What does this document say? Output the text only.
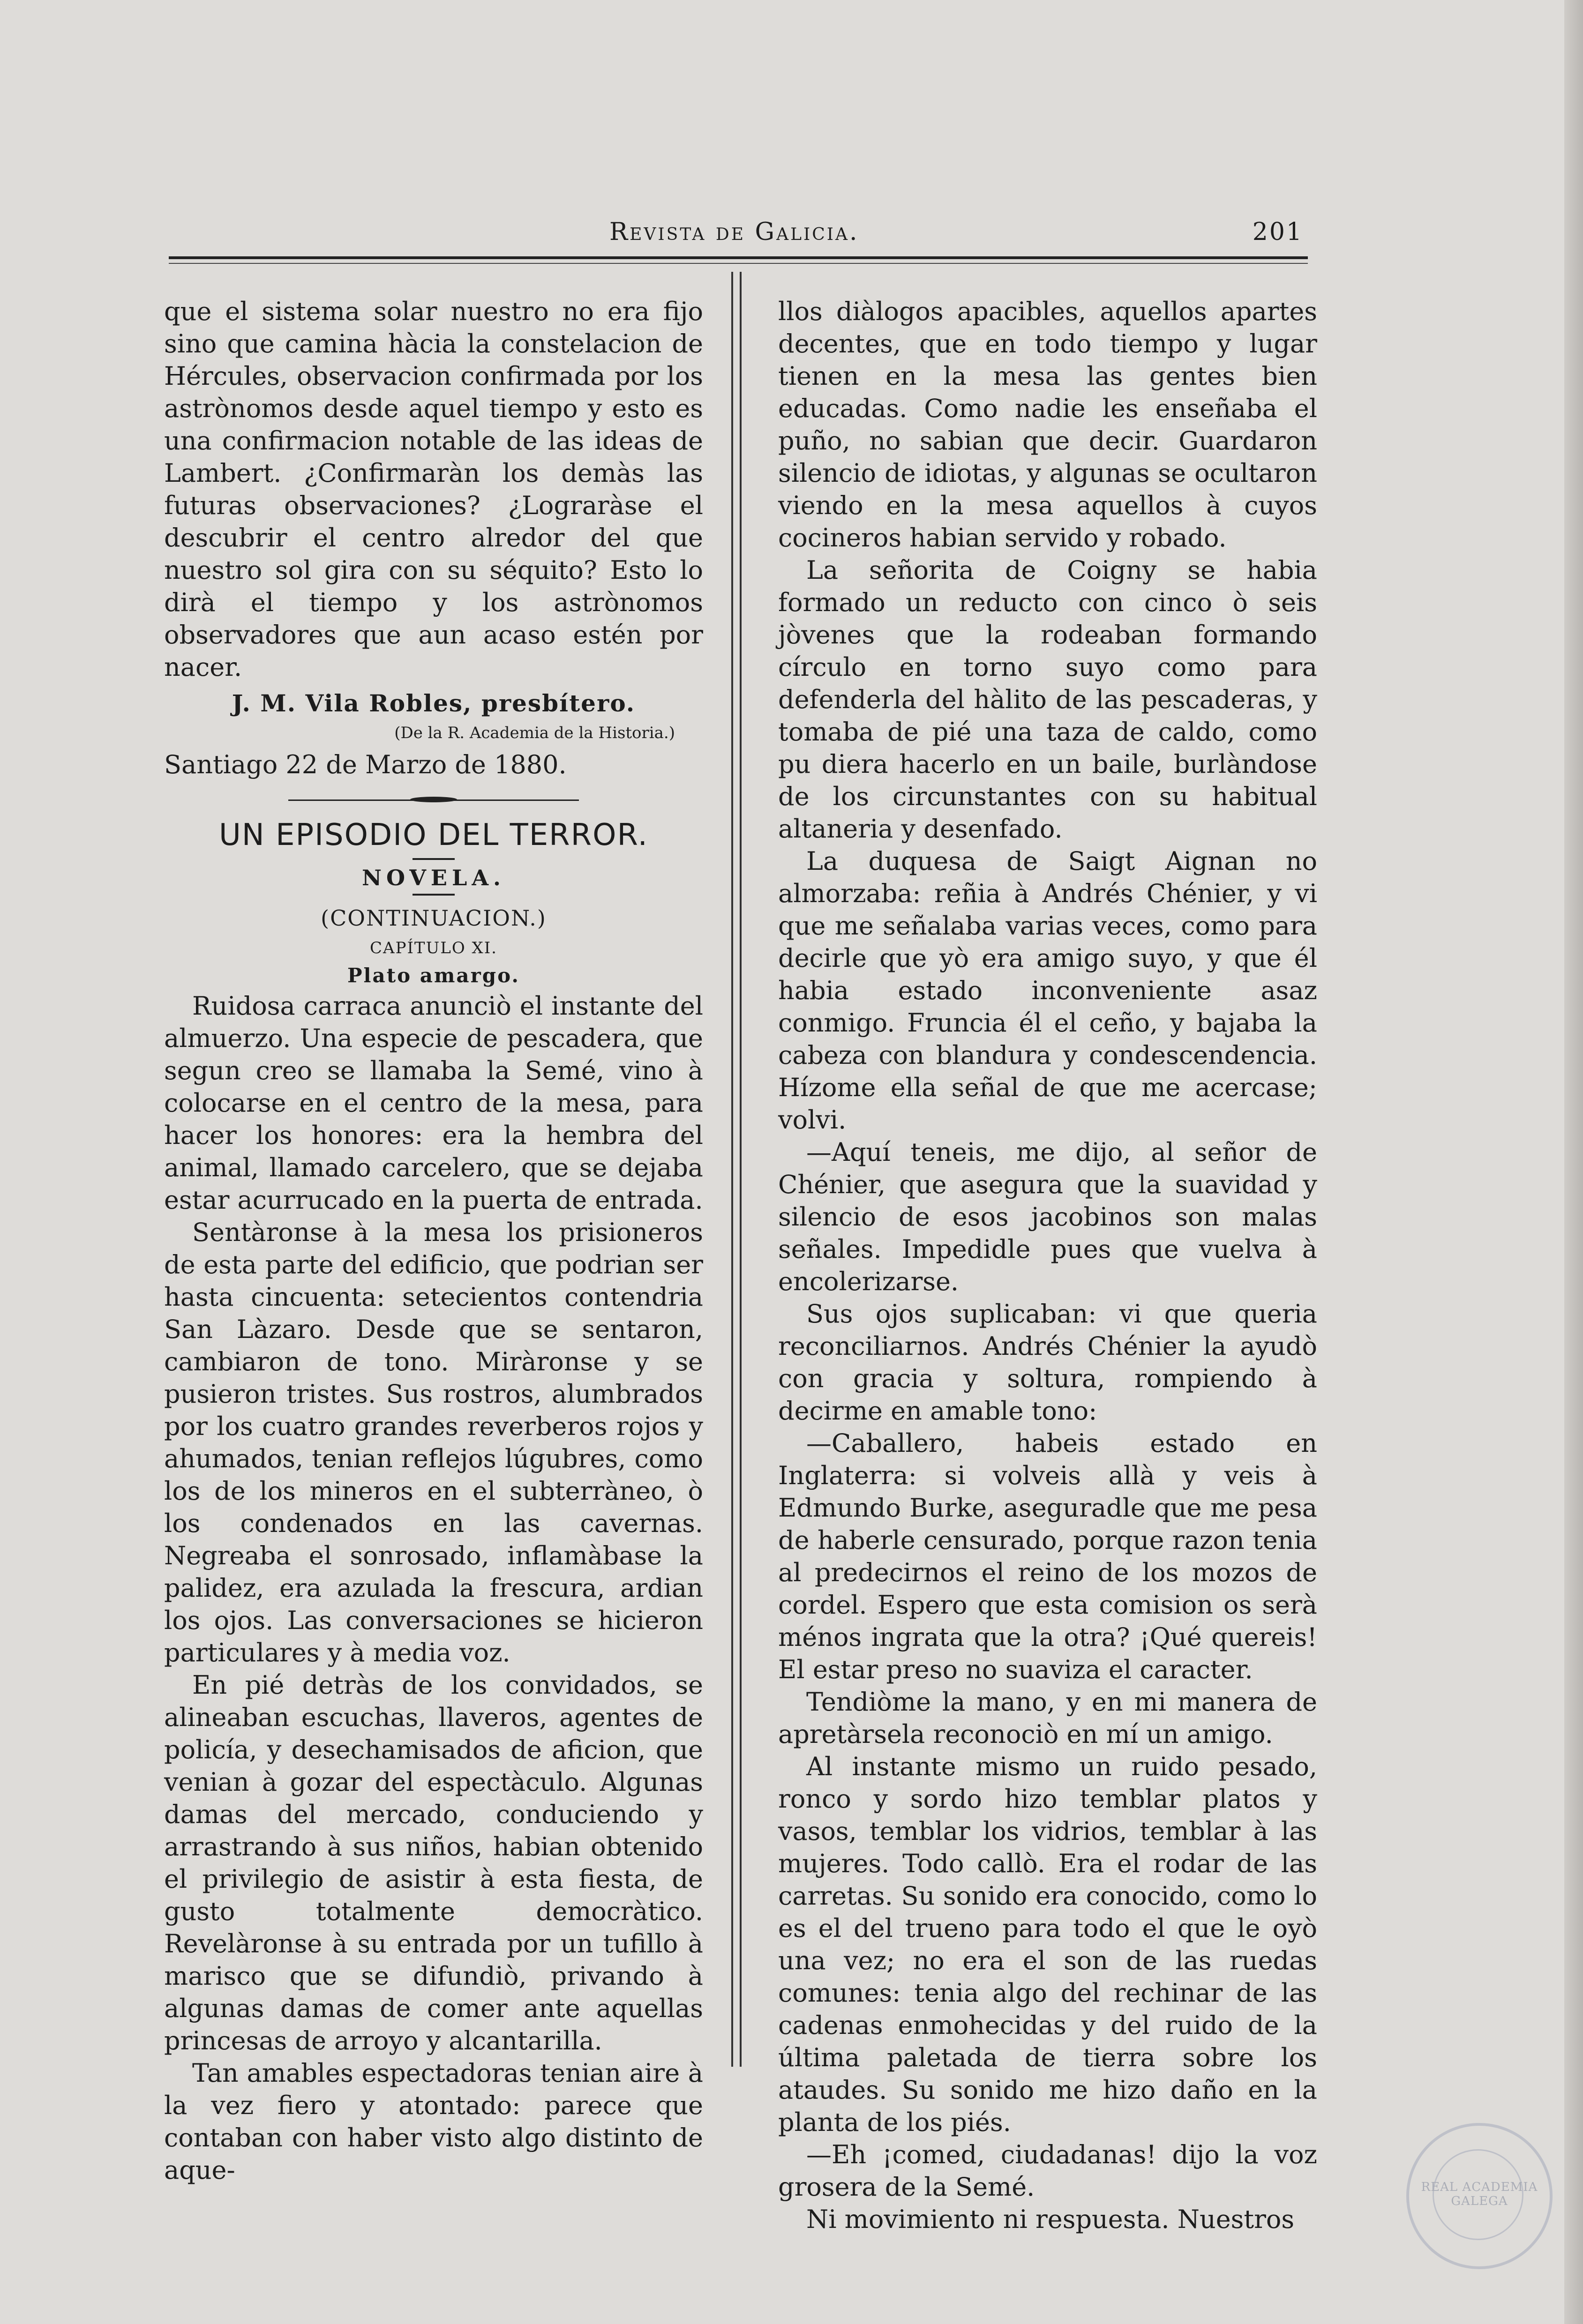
Revista de Galicia.	201

que el sistema solar nuestro no era fijo sino que camina hàcia la constelacion de Hércules, observacion confirmada por los astrònomos desde aquel tiempo y esto es una confirmacion notable de las ideas de Lambert. ¿Confirmaràn los demàs las futuras observaciones? ¿Lograràse el descubrir el centro alredor del que nuestro sol gira con su séquito? Esto lo dirà el tiempo y los astrònomos observadores que aun acaso estén por nacer.

J. M. Vila Robles, presbítero.

(De la R. Academia de la Historia.)

Santiago 22 de Marzo de 1880.

UN EPISODIO DEL TERROR.

NOVELA.

(CONTINUACION.)

CAPÍTULO XI.

Plato amargo.

Ruidosa carraca anunciò el instante del almuerzo. Una especie de pescadera, que segun creo se llamaba la Semé, vino à colocarse en el centro de la mesa, para hacer los honores: era la hembra del animal, llamado carcelero, que se dejaba estar acurrucado en la puerta de entrada.

Sentàronse à la mesa los prisioneros de esta parte del edificio, que podrian ser hasta cincuenta: setecientos contendria San Làzaro. Desde que se sentaron, cambiaron de tono. Miràronse y se pusieron tristes. Sus rostros, alumbrados por los cuatro grandes reverberos rojos y ahumados, tenian reflejos lúgubres, como los de los mineros en el subterràneo, ò los condenados en las cavernas. Negreaba el sonrosado, inflamàbase la palidez, era azulada la frescura, ardian los ojos. Las conversaciones se hicieron particulares y à media voz.

En pié detràs de los convidados, se alineaban escuchas, llaveros, agentes de policía, y desechamisados de aficion, que venian à gozar del espectàculo. Algunas damas del mercado, conduciendo y arrastrando à sus niños, habian obtenido el privilegio de asistir à esta fiesta, de gusto totalmente democràtico. Revelàronse à su entrada por un tufillo à marisco que se difundiò, privando à algunas damas de comer ante aquellas princesas de arroyo y alcantarilla.

Tan amables espectadoras tenian aire à la vez fiero y atontado: parece que contaban con haber visto algo distinto de aque-

llos diàlogos apacibles, aquellos apartes decentes, que en todo tiempo y lugar tienen en la mesa las gentes bien educadas. Como nadie les enseñaba el puño, no sabian que decir. Guardaron silencio de idiotas, y algunas se ocultaron viendo en la mesa aquellos à cuyos cocineros habian servido y robado.

La señorita de Coigny se habia formado un reducto con cinco ò seis jòvenes que la rodeaban formando círculo en torno suyo como para defenderla del hàlito de las pescaderas, y tomaba de pié una taza de caldo, como pu diera hacerlo en un baile, burlàndose de los circunstantes con su habitual altaneria y desenfado.

La duquesa de Saigt Aignan no almorzaba: reñia à Andrés Chénier, y vi que me señalaba varias veces, como para decirle que yò era amigo suyo, y que él habia estado inconveniente asaz conmigo. Fruncia él el ceño, y bajaba la cabeza con blandura y condescendencia. Hízome ella señal de que me acercase; volvi.

—Aquí teneis, me dijo, al señor de Chénier, que asegura que la suavidad y silencio de esos jacobinos son malas señales. Impedidle pues que vuelva à encolerizarse.

Sus ojos suplicaban: vi que queria reconciliarnos. Andrés Chénier la ayudò con gracia y soltura, rompiendo à decirme en amable tono:

—Caballero, habeis estado en Inglaterra: si volveis allà y veis à Edmundo Burke, aseguradle que me pesa de haberle censurado, porque razon tenia al predecirnos el reino de los mozos de cordel. Espero que esta comision os serà ménos ingrata que la otra? ¡Qué quereis! El estar preso no suaviza el caracter.

Tendiòme la mano, y en mi manera de apretàrsela reconociò en mí un amigo.

Al instante mismo un ruido pesado, ronco y sordo hizo temblar platos y vasos, temblar los vidrios, temblar à las mujeres. Todo callò. Era el rodar de las carretas. Su sonido era conocido, como lo es el del trueno para todo el que le oyò una vez; no era el son de las ruedas comunes: tenia algo del rechinar de las cadenas enmohecidas y del ruido de la última paletada de tierra sobre los ataudes. Su sonido me hizo daño en la planta de los piés.

—Eh ¡comed, ciudadanas! dijo la voz grosera de la Semé.

Ni movimiento ni respuesta. Nuestros

REAL ACADEMIA GALEGA
